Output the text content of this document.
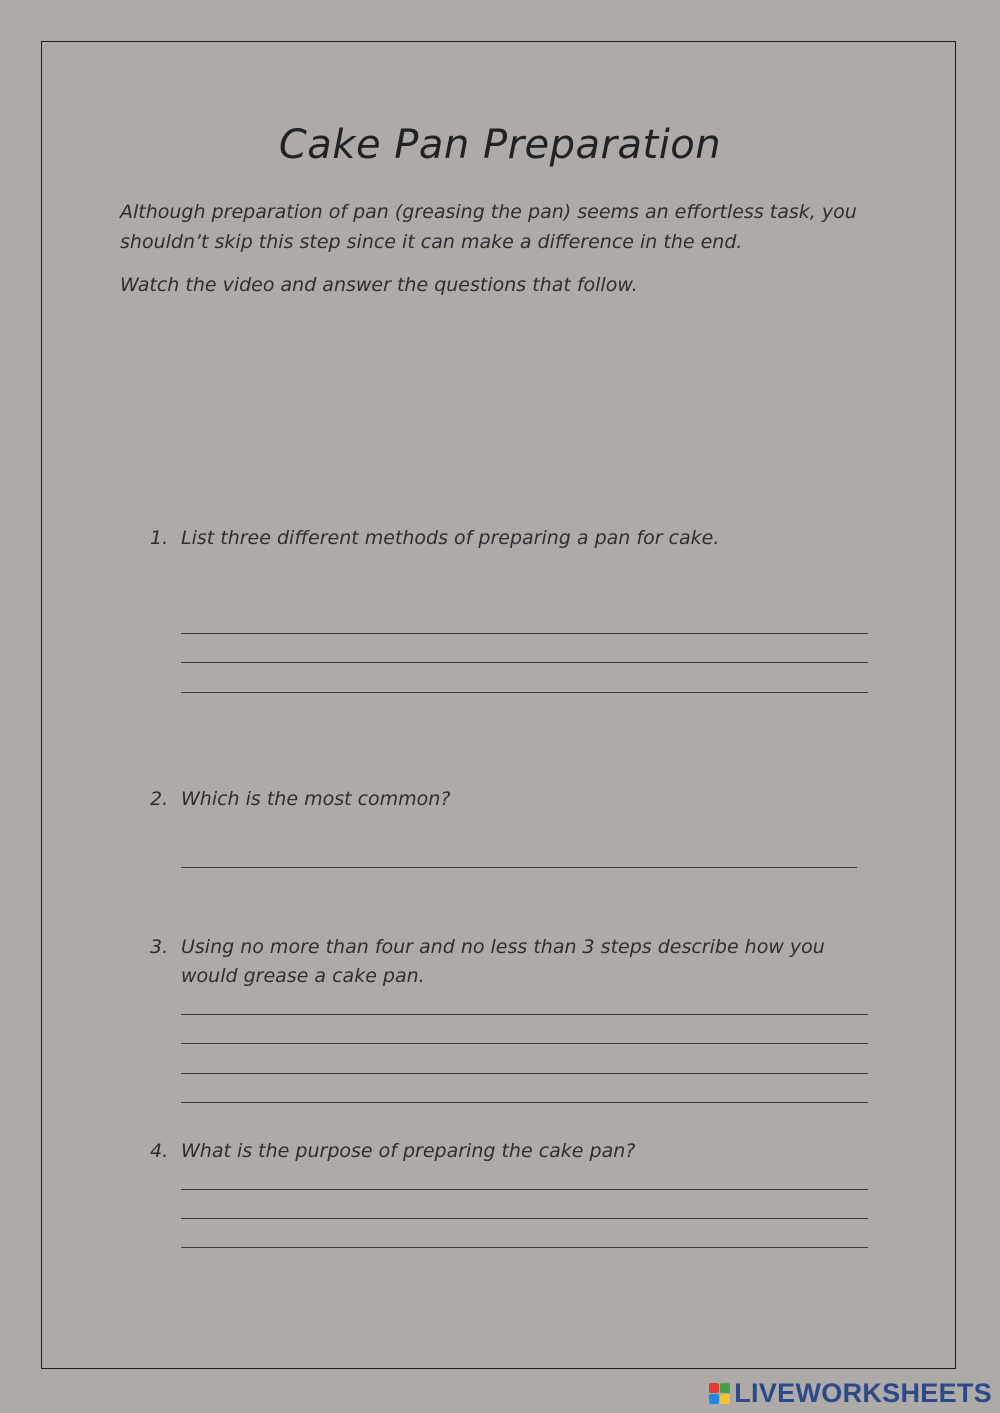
Cake Pan Preparation
Although preparation of pan (greasing the pan) seems an effortless task, you shouldn’t skip this step since it can make a difference in the end.
Watch the video and answer the questions that follow.
1. List three different methods of preparing a pan for cake.
2. Which is the most common?
3. Using no more than four and no less than 3 steps describe how you would grease a cake pan.
4. What is the purpose of preparing the cake pan?
LIVEWORKSHEETS
